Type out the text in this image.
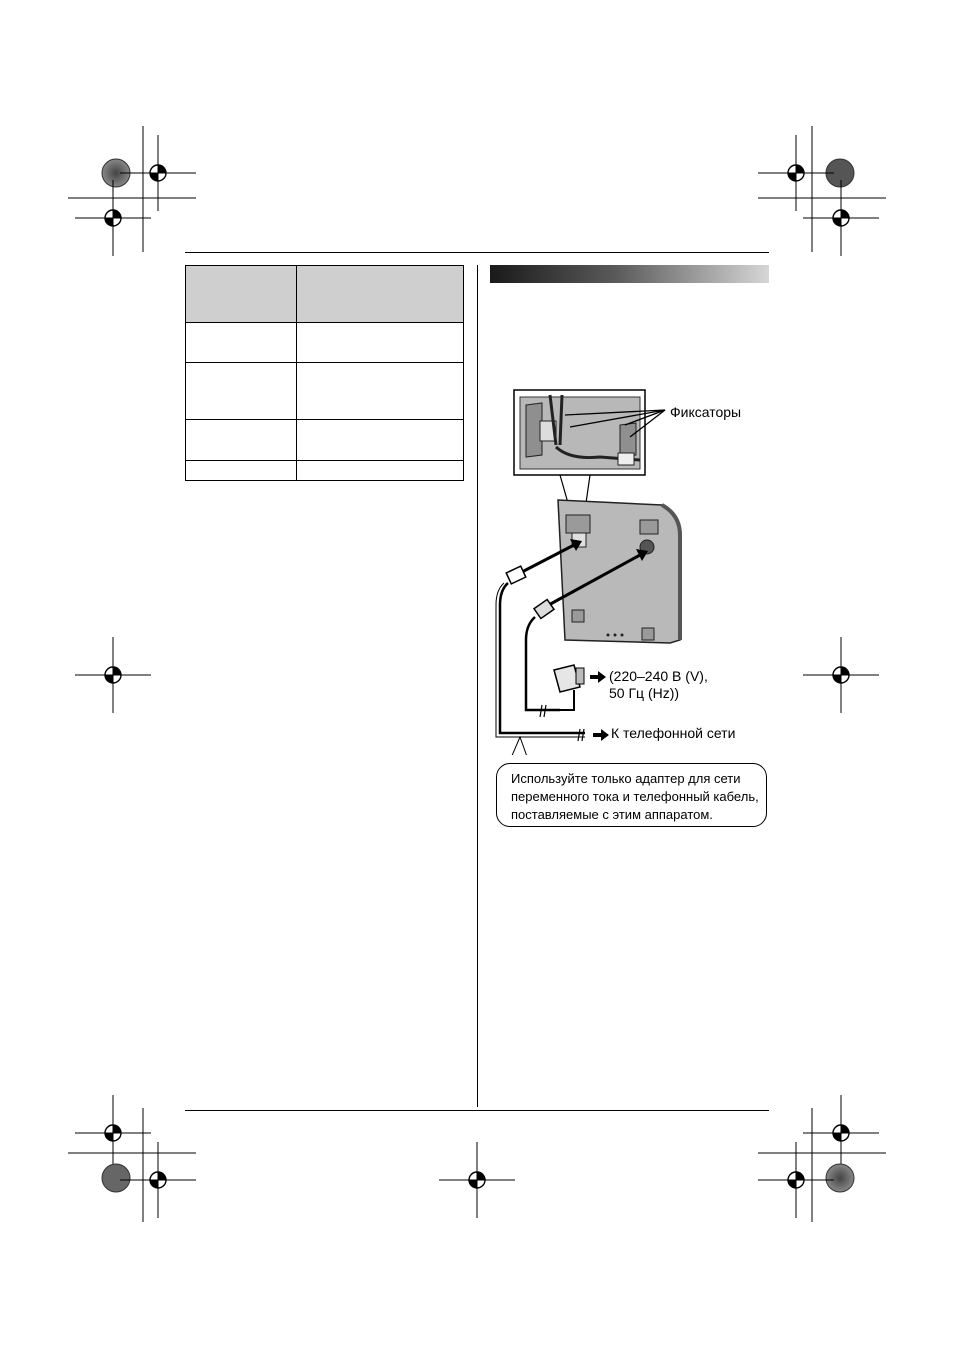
Фиксаторы
(220–240 В (V),
50 Гц (Hz))
К телефонной сети
Используйте только адаптер для сети
переменного тока и телефонный кабель,
поставляемые с этим аппаратом.
